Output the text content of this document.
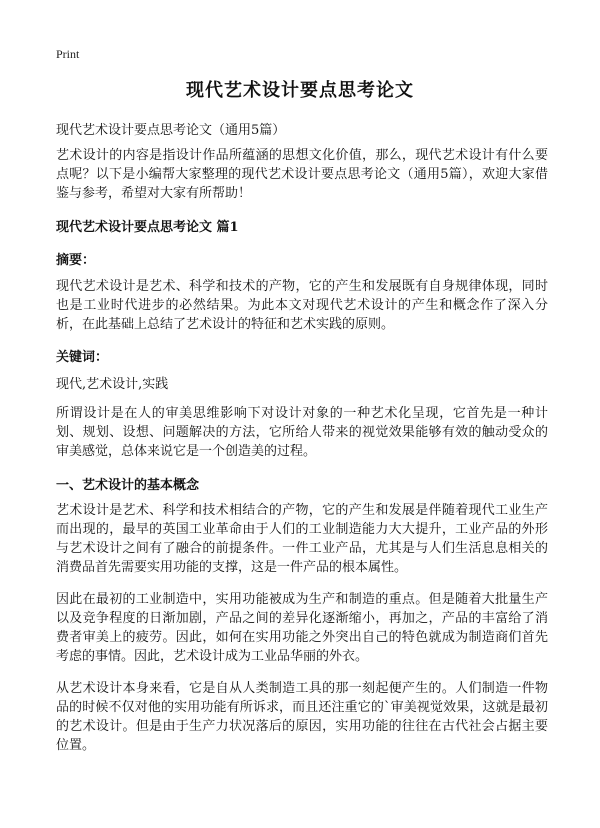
Print
现代艺术设计要点思考论文

现代艺术设计要点思考论文（通用5篇）

艺术设计的内容是指设计作品所蕴涵的思想文化价值，那么，现代艺术设计有什么要点呢？以下是小编帮大家整理的现代艺术设计要点思考论文（通用5篇），欢迎大家借鉴与参考，希望对大家有所帮助！

现代艺术设计要点思考论文 篇1
摘要：

现代艺术设计是艺术、科学和技术的产物，它的产生和发展既有自身规律体现，同时也是工业时代进步的必然结果。为此本文对现代艺术设计的产生和概念作了深入分析，在此基础上总结了艺术设计的特征和艺术实践的原则。

关键词：

现代,艺术设计,实践

所谓设计是在人的审美思维影响下对设计对象的一种艺术化呈现，它首先是一种计划、规划、设想、问题解决的方法，它所给人带来的视觉效果能够有效的触动受众的审美感觉，总体来说它是一个创造美的过程。

一、艺术设计的基本概念

艺术设计是艺术、科学和技术相结合的产物，它的产生和发展是伴随着现代工业生产而出现的，最早的英国工业革命由于人们的工业制造能力大大提升，工业产品的外形与艺术设计之间有了融合的前提条件。一件工业产品，尤其是与人们生活息息相关的消费品首先需要实用功能的支撑，这是一件产品的根本属性。

因此在最初的工业制造中，实用功能被成为生产和制造的重点。但是随着大批量生产以及竞争程度的日渐加剧，产品之间的差异化逐渐缩小，再加之，产品的丰富给了消费者审美上的疲劳。因此，如何在实用功能之外突出自己的特色就成为制造商们首先考虑的事情。因此，艺术设计成为工业品华丽的外衣。

从艺术设计本身来看，它是自从人类制造工具的那一刻起便产生的。人们制造一件物品的时候不仅对他的实用功能有所诉求，而且还注重它的`审美视觉效果，这就是最初的艺术设计。但是由于生产力状况落后的原因，实用功能的往往在古代社会占据主要位置。
